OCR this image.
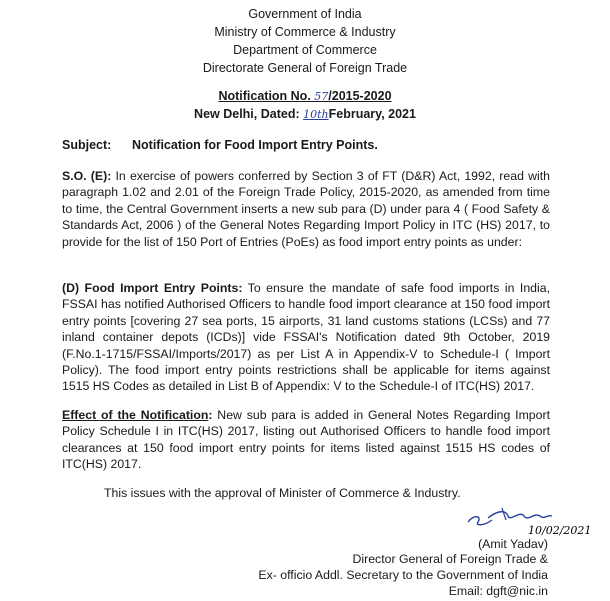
Government of India
Ministry of Commerce & Industry
Department of Commerce
Directorate General of Foreign Trade
Notification No. 57/2015-2020
New Delhi, Dated: 10thFebruary, 2021
Subject: Notification for Food Import Entry Points.
S.O. (E): In exercise of powers conferred by Section 3 of FT (D&R) Act, 1992, read with paragraph 1.02 and 2.01 of the Foreign Trade Policy, 2015-2020, as amended from time to time, the Central Government inserts a new sub para (D) under para 4 ( Food Safety & Standards Act, 2006 ) of the General Notes Regarding Import Policy in ITC (HS) 2017, to provide for the list of 150 Port of Entries (PoEs) as food import entry points as under:
(D) Food Import Entry Points: To ensure the mandate of safe food imports in India, FSSAI has notified Authorised Officers to handle food import clearance at 150 food import entry points [covering 27 sea ports, 15 airports, 31 land customs stations (LCSs) and 77 inland container depots (ICDs)] vide FSSAI's Notification dated 9th October, 2019 (F.No.1-1715/FSSAI/Imports/2017) as per List A in Appendix-V to Schedule-I ( Import Policy). The food import entry points restrictions shall be applicable for items against 1515 HS Codes as detailed in List B of Appendix: V to the Schedule-I of ITC(HS) 2017.
Effect of the Notification: New sub para is added in General Notes Regarding Import Policy Schedule I in ITC(HS) 2017, listing out Authorised Officers to handle food import clearances at 150 food import entry points for items listed against 1515 HS codes of ITC(HS) 2017.
This issues with the approval of Minister of Commerce & Industry.
10/02/2021
(Amit Yadav)
Director General of Foreign Trade &
Ex- officio Addl. Secretary to the Government of India
Email: dgft@nic.in
